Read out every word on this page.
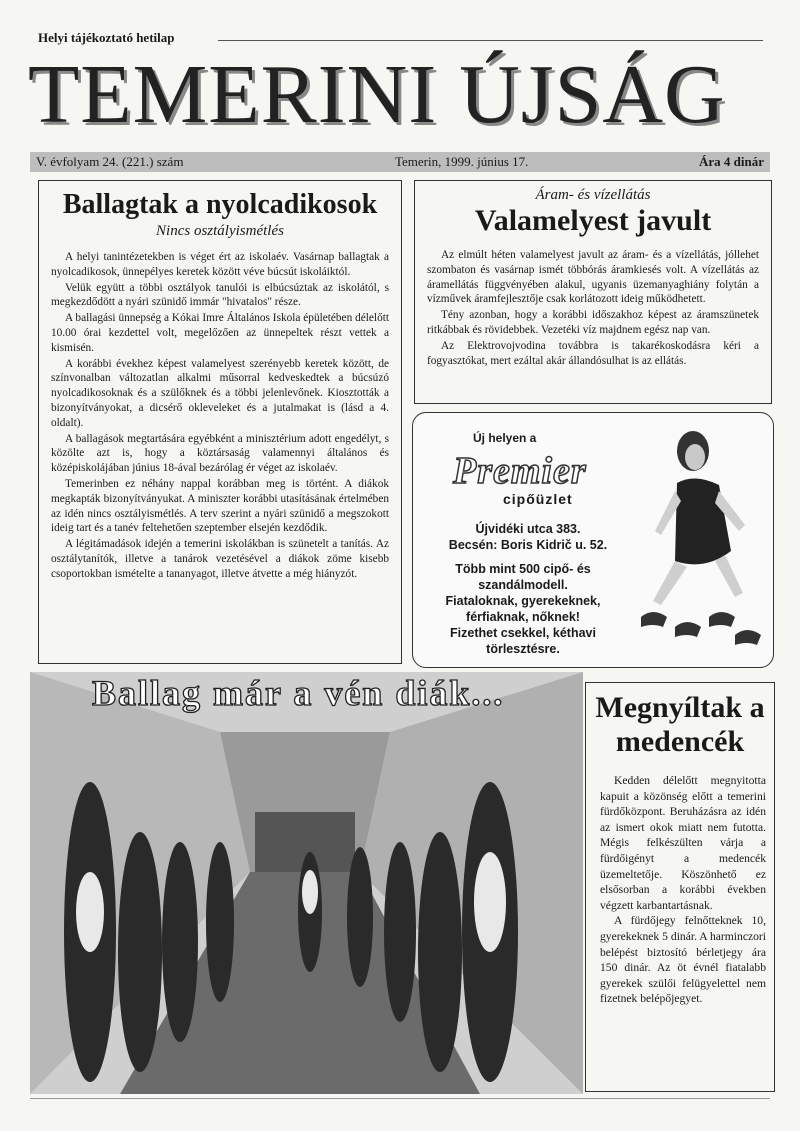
Helyi tájékoztató hetilap
TEMERINI ÚJSÁG
V. évfolyam 24. (221.) szám	Temerin, 1999. június 17.	Ára 4 dinár
Ballagtak a nyolcadikosok
Nincs osztályismétlés

A helyi tanintézetekben is véget ért az iskolaév. Vasárnap ballagtak a nyolcadikosok, ünnepélyes keretek között véve búcsút iskoláiktól.

Velük együtt a többi osztályok tanulói is elbúcsúztak az iskolától, s megkezdődött a nyári szünidő immár "hivatalos" része.

A ballagási ünnepség a Kókai Imre Általános Iskola épületében délelőtt 10.00 órai kezdettel volt, megelőzően az ünnepeltek részt vettek a kismisén.

A korábbi évekhez képest valamelyest szerényebb keretek között, de színvonalban változatlan alkalmi műsorral kedveskedtek a búcsúzó nyolcadikosoknak és a szülőknek és a többi jelenlevőnek. Kiosztották a bizonyítványokat, a dicsérő okleveleket és a jutalmakat is (lásd a 4. oldalt).

A ballagások megtartására egyébként a minisztérium adott engedélyt, s közölte azt is, hogy a köztársaság valamennyi általános és középiskolájában június 18-ával bezárólag ér véget az iskolaév.

Temerinben ez néhány nappal korábban meg is történt. A diákok megkapták bizonyítványukat. A miniszter korábbi utasításának értelmében az idén nincs osztályismétlés. A terv szerint a nyári szünidő a megszokott ideig tart és a tanév feltehetően szeptember elsején kezdődik.

A légitámadások idején a temerini iskolákban is szünetelt a tanítás. Az osztálytanítók, illetve a tanárok vezetésével a diákok zöme kisebb csoportokban ismételte a tananyagot, illetve átvette a még hiányzót.

Áram- és vízellátás
Valamelyest javult

Az elmúlt héten valamelyest javult az áram- és a vízellátás, jóllehet szombaton és vasárnap ismét többórás áramkiesés volt. A vízellátás az áramellátás függvényében alakul, ugyanis üzemanyaghiány folytán a vízművek áramfejlesztője csak korlátozott ideig működhetett.

Tény azonban, hogy a korábbi időszakhoz képest az áramszünetek ritkábbak és rövidebbek. Vezetéki víz majdnem egész nap van.

Az Elektrovojvodina továbbra is takarékoskodásra kéri a fogyasztókat, mert ezáltal akár állandósulhat is az ellátás.

Új helyen a
Premier
cipőüzlet
Újvidéki utca 383.
Becsén: Boris Kidrič u. 52.
Több mint 500 cipő- és szandálmodell.
Fiataloknak, gyerekeknek, férfiaknak, nőknek!
Fizethet csekkel, kéthavi törlesztésre.
Ballag már a vén diák...	Megnyíltak a medencék

Kedden délelőtt megnyitotta kapuit a közönség előtt a temerini fürdőközpont. Beruházásra az idén az ismert okok miatt nem futotta. Mégis felkészülten várja a fürdőigényt a medencék üzemeltetője. Köszönhető ez elsősorban a korábbi években végzett karbantartásnak.

A fürdőjegy felnőtteknek 10, gyerekeknek 5 dinár. A harminczori belépést biztosító bérletjegy ára 150 dinár. Az öt évnél fiatalabb gyerekek szülői felügyelettel nem fizetnek belépőjegyet.
